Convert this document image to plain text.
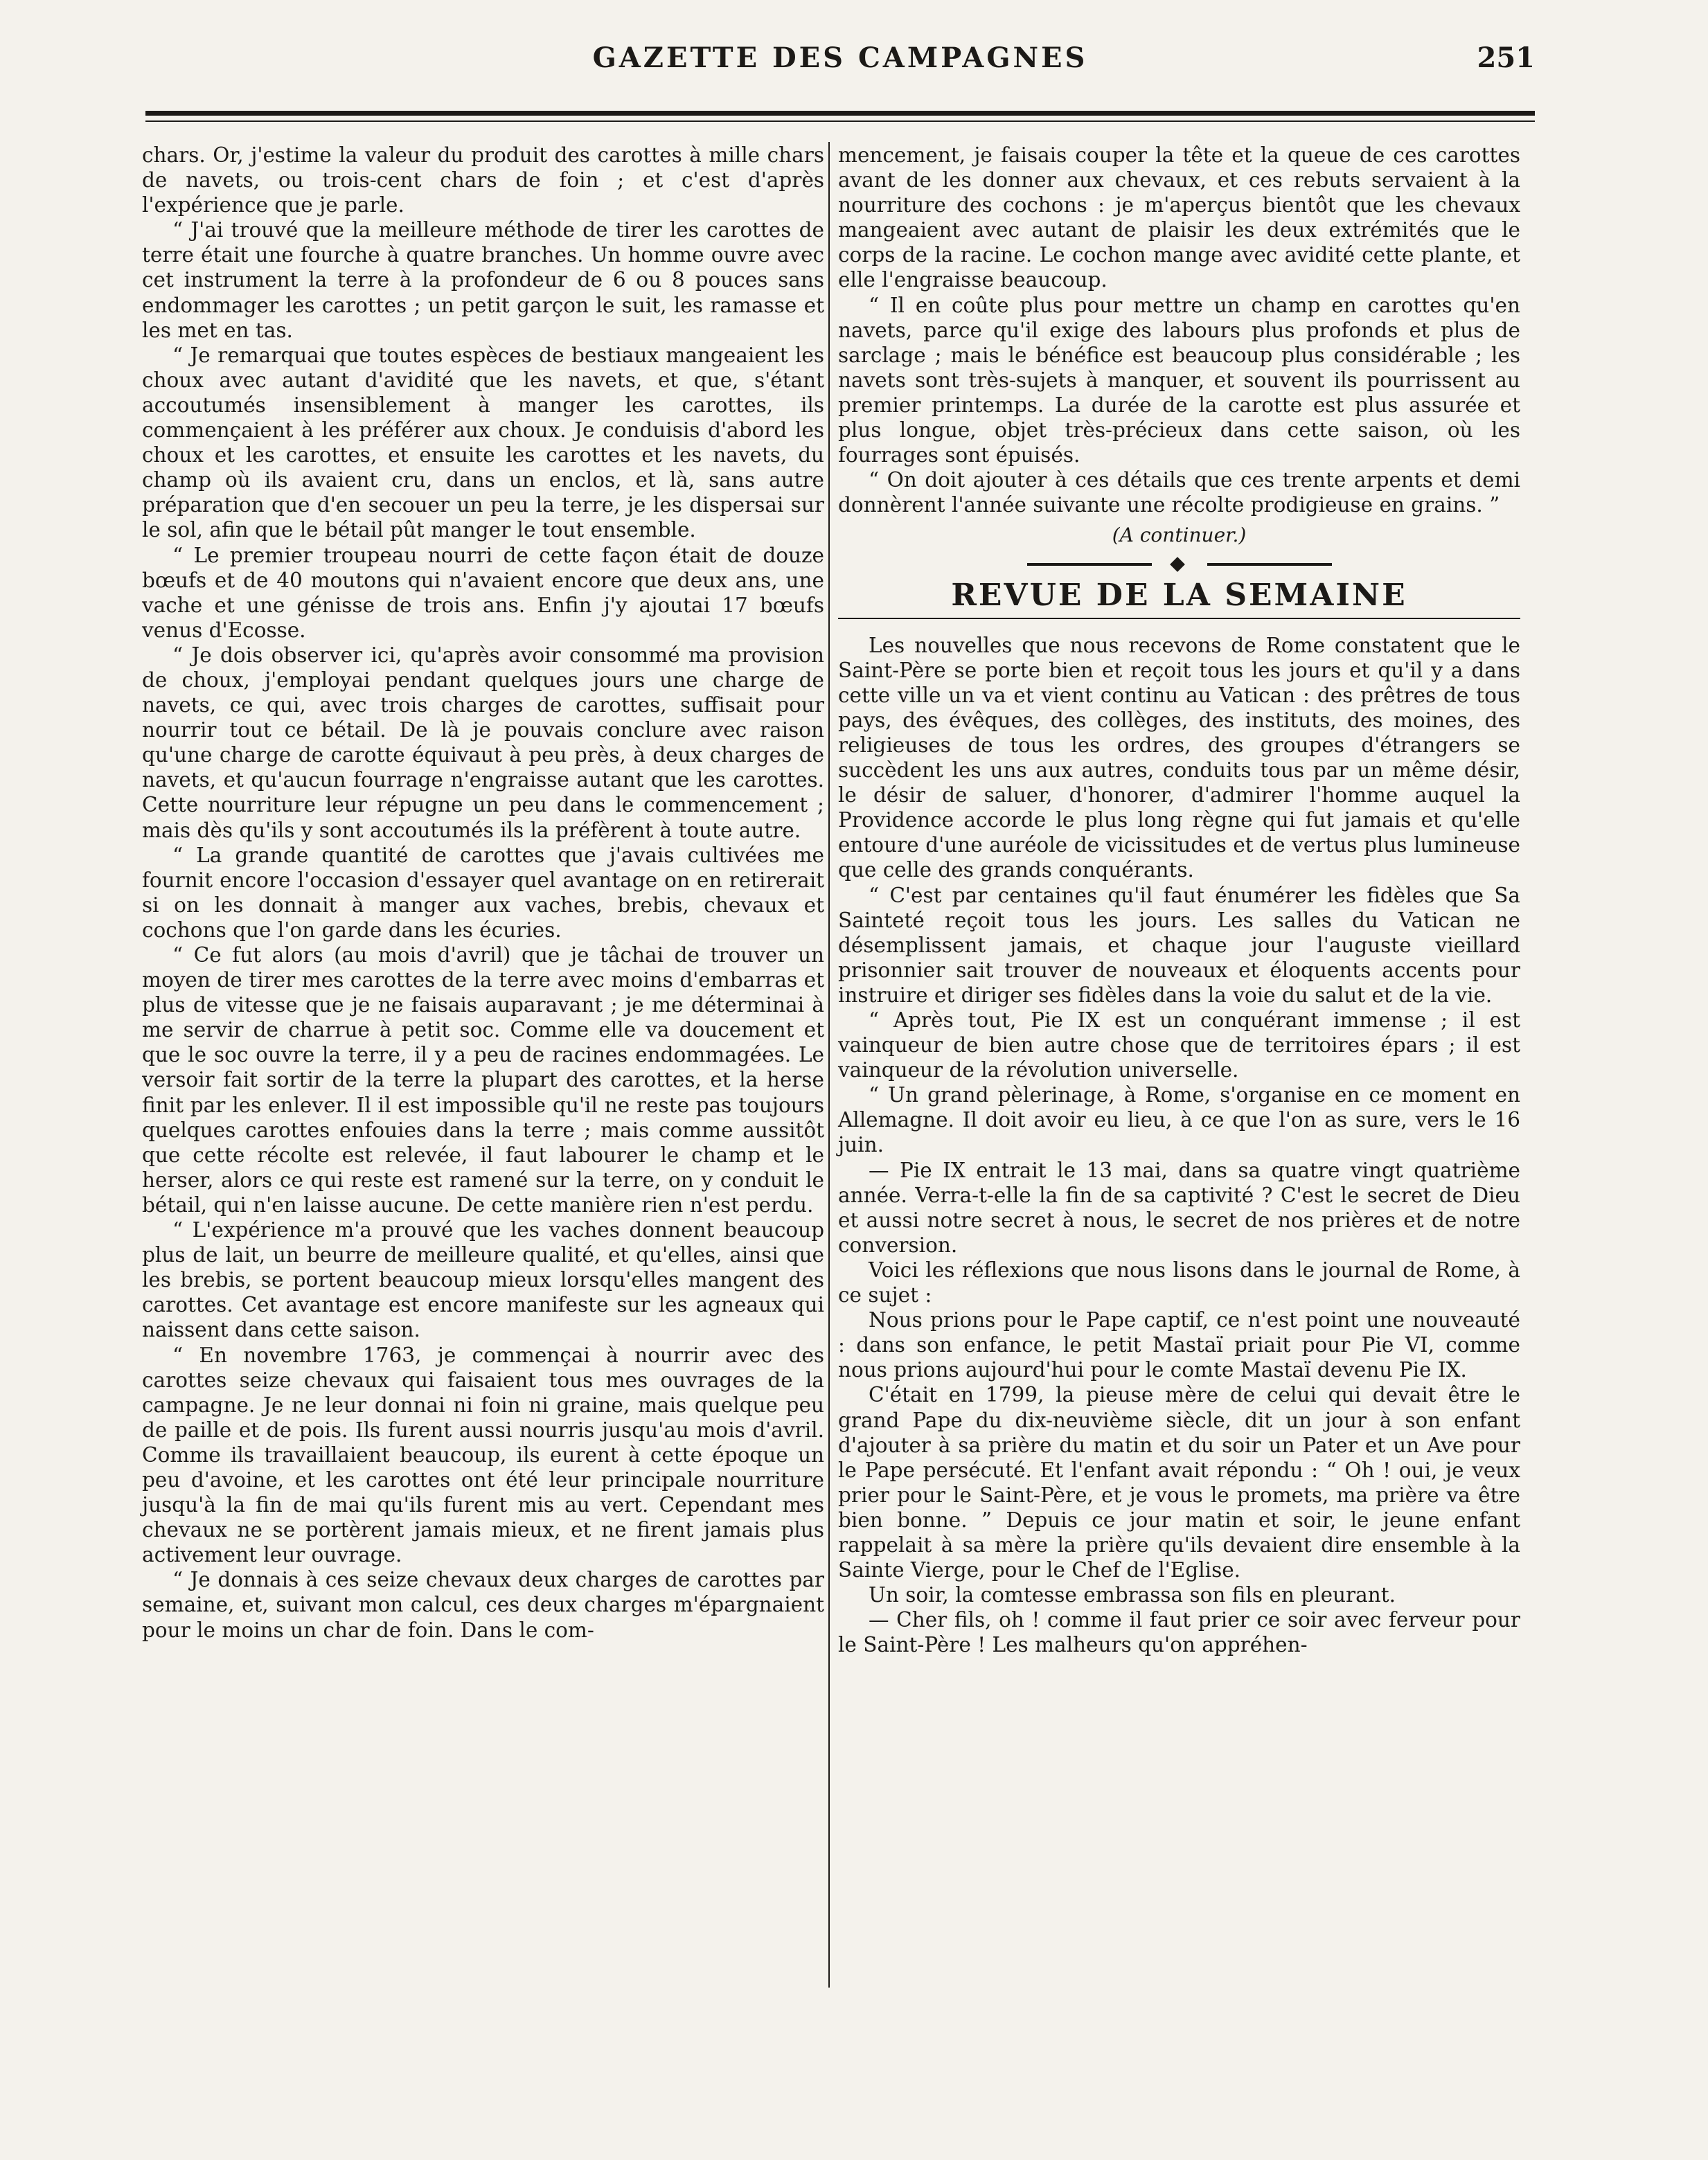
GAZETTE DES CAMPAGNES	251

chars. Or, j'estime la valeur du produit des carottes à mille chars de navets, ou trois-cent chars de foin ; et c'est d'après l'expérience que je parle.

“ J'ai trouvé que la meilleure méthode de tirer les carottes de terre était une fourche à quatre branches. Un homme ouvre avec cet instrument la terre à la profondeur de 6 ou 8 pouces sans endommager les carottes ; un petit garçon le suit, les ramasse et les met en tas.

“ Je remarquai que toutes espèces de bestiaux mangeaient les choux avec autant d'avidité que les navets, et que, s'étant accoutumés insensiblement à manger les carottes, ils commençaient à les préférer aux choux. Je conduisis d'abord les choux et les carottes, et ensuite les carottes et les navets, du champ où ils avaient cru, dans un enclos, et là, sans autre préparation que d'en secouer un peu la terre, je les dispersai sur le sol, afin que le bétail pût manger le tout ensemble.

“ Le premier troupeau nourri de cette façon était de douze bœufs et de 40 moutons qui n'avaient encore que deux ans, une vache et une génisse de trois ans. Enfin j'y ajoutai 17 bœufs venus d'Ecosse.

“ Je dois observer ici, qu'après avoir consommé ma provision de choux, j'employai pendant quelques jours une charge de navets, ce qui, avec trois charges de carottes, suffisait pour nourrir tout ce bétail. De là je pouvais conclure avec raison qu'une charge de carotte équivaut à peu près, à deux charges de navets, et qu'aucun fourrage n'engraisse autant que les carottes. Cette nourriture leur répugne un peu dans le commencement ; mais dès qu'ils y sont accoutumés ils la préfèrent à toute autre.

“ La grande quantité de carottes que j'avais cultivées me fournit encore l'occasion d'essayer quel avantage on en retirerait si on les donnait à manger aux vaches, brebis, chevaux et cochons que l'on garde dans les écuries.

“ Ce fut alors (au mois d'avril) que je tâchai de trouver un moyen de tirer mes carottes de la terre avec moins d'embarras et plus de vitesse que je ne faisais auparavant ; je me déterminai à me servir de charrue à petit soc. Comme elle va doucement et que le soc ouvre la terre, il y a peu de racines endommagées. Le versoir fait sortir de la terre la plupart des carottes, et la herse finit par les enlever. Il il est impossible qu'il ne reste pas toujours quelques carottes enfouies dans la terre ; mais comme aussitôt que cette récolte est relevée, il faut labourer le champ et le herser, alors ce qui reste est ramené sur la terre, on y conduit le bétail, qui n'en laisse aucune. De cette manière rien n'est perdu.

“ L'expérience m'a prouvé que les vaches donnent beaucoup plus de lait, un beurre de meilleure qualité, et qu'elles, ainsi que les brebis, se portent beaucoup mieux lorsqu'elles mangent des carottes. Cet avantage est encore manifeste sur les agneaux qui naissent dans cette saison.

“ En novembre 1763, je commençai à nourrir avec des carottes seize chevaux qui faisaient tous mes ouvrages de la campagne. Je ne leur donnai ni foin ni graine, mais quelque peu de paille et de pois. Ils furent aussi nourris jusqu'au mois d'avril. Comme ils travaillaient beaucoup, ils eurent à cette époque un peu d'avoine, et les carottes ont été leur principale nourriture jusqu'à la fin de mai qu'ils furent mis au vert. Cependant mes chevaux ne se portèrent jamais mieux, et ne firent jamais plus activement leur ouvrage.

“ Je donnais à ces seize chevaux deux charges de carottes par semaine, et, suivant mon calcul, ces deux charges m'épargnaient pour le moins un char de foin. Dans le com-

mencement, je faisais couper la tête et la queue de ces carottes avant de les donner aux chevaux, et ces rebuts servaient à la nourriture des cochons : je m'aperçus bientôt que les chevaux mangeaient avec autant de plaisir les deux extrémités que le corps de la racine. Le cochon mange avec avidité cette plante, et elle l'engraisse beaucoup.

“ Il en coûte plus pour mettre un champ en carottes qu'en navets, parce qu'il exige des labours plus profonds et plus de sarclage ; mais le bénéfice est beaucoup plus considérable ; les navets sont très-sujets à manquer, et souvent ils pourrissent au premier printemps. La durée de la carotte est plus assurée et plus longue, objet très-précieux dans cette saison, où les fourrages sont épuisés.

“ On doit ajouter à ces détails que ces trente arpents et demi donnèrent l'année suivante une récolte prodigieuse en grains. ”

(A continuer.)

REVUE DE LA SEMAINE

Les nouvelles que nous recevons de Rome constatent que le Saint-Père se porte bien et reçoit tous les jours et qu'il y a dans cette ville un va et vient continu au Vatican : des prêtres de tous pays, des évêques, des collèges, des instituts, des moines, des religieuses de tous les ordres, des groupes d'étrangers se succèdent les uns aux autres, conduits tous par un même désir, le désir de saluer, d'honorer, d'admirer l'homme auquel la Providence accorde le plus long règne qui fut jamais et qu'elle entoure d'une auréole de vicissitudes et de vertus plus lumineuse que celle des grands conquérants.

“ C'est par centaines qu'il faut énumérer les fidèles que Sa Sainteté reçoit tous les jours. Les salles du Vatican ne désemplissent jamais, et chaque jour l'auguste vieillard prisonnier sait trouver de nouveaux et éloquents accents pour instruire et diriger ses fidèles dans la voie du salut et de la vie.

“ Après tout, Pie IX est un conquérant immense ; il est vainqueur de bien autre chose que de territoires épars ; il est vainqueur de la révolution universelle.

“ Un grand pèlerinage, à Rome, s'organise en ce moment en Allemagne. Il doit avoir eu lieu, à ce que l'on as sure, vers le 16 juin.

— Pie IX entrait le 13 mai, dans sa quatre vingt quatrième année. Verra-t-elle la fin de sa captivité ? C'est le secret de Dieu et aussi notre secret à nous, le secret de nos prières et de notre conversion.

Voici les réflexions que nous lisons dans le journal de Rome, à ce sujet :

Nous prions pour le Pape captif, ce n'est point une nouveauté : dans son enfance, le petit Mastaï priait pour Pie VI, comme nous prions aujourd'hui pour le comte Mastaï devenu Pie IX.

C'était en 1799, la pieuse mère de celui qui devait être le grand Pape du dix-neuvième siècle, dit un jour à son enfant d'ajouter à sa prière du matin et du soir un Pater et un Ave pour le Pape persécuté. Et l'enfant avait répondu : “ Oh ! oui, je veux prier pour le Saint-Père, et je vous le promets, ma prière va être bien bonne. ” Depuis ce jour matin et soir, le jeune enfant rappelait à sa mère la prière qu'ils devaient dire ensemble à la Sainte Vierge, pour le Chef de l'Eglise.

Un soir, la comtesse embrassa son fils en pleurant.

— Cher fils, oh ! comme il faut prier ce soir avec ferveur pour le Saint-Père ! Les malheurs qu'on appréhen-
